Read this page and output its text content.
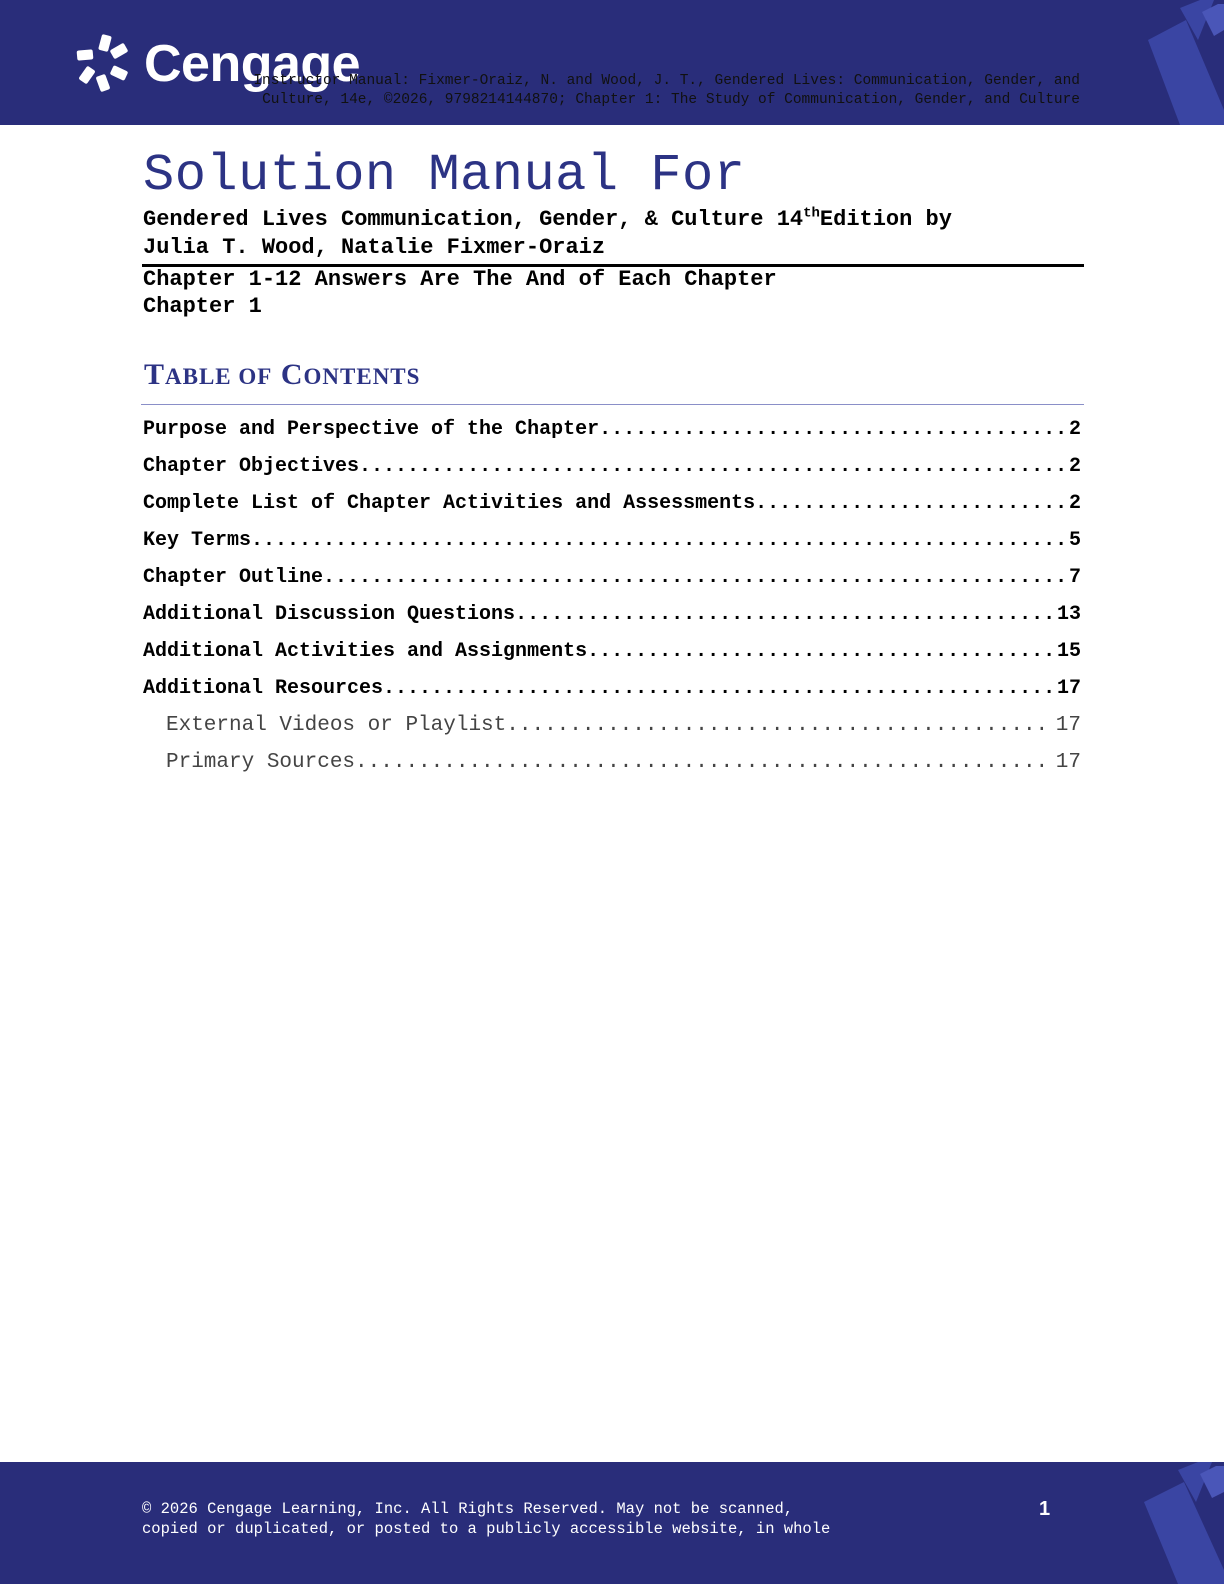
Cengage
Instructor Manual: Fixmer-Oraiz, N. and Wood, J. T., Gendered Lives: Communication, Gender, and
Culture, 14e, ©2026, 9798214144870; Chapter 1: The Study of Communication, Gender, and Culture
Solution Manual For
Gendered Lives Communication, Gender, & Culture 14thEdition by
Julia T. Wood, Natalie Fixmer-Oraiz
Chapter 1-12 Answers Are The And of Each Chapter
Chapter 1
TABLE OF CONTENTS
Purpose and Perspective of the Chapter .....	2
Chapter Objectives .....	2
Complete List of Chapter Activities and Assessments .....	2
Key Terms .....	5
Chapter Outline .....	7
Additional Discussion Questions .....	13
Additional Activities and Assignments .....	15
Additional Resources .....	17
External Videos or Playlist .....	17
Primary Sources .....	17
© 2026 Cengage Learning, Inc. All Rights Reserved. May not be scanned,
copied or duplicated, or posted to a publicly accessible website, in whole
1
